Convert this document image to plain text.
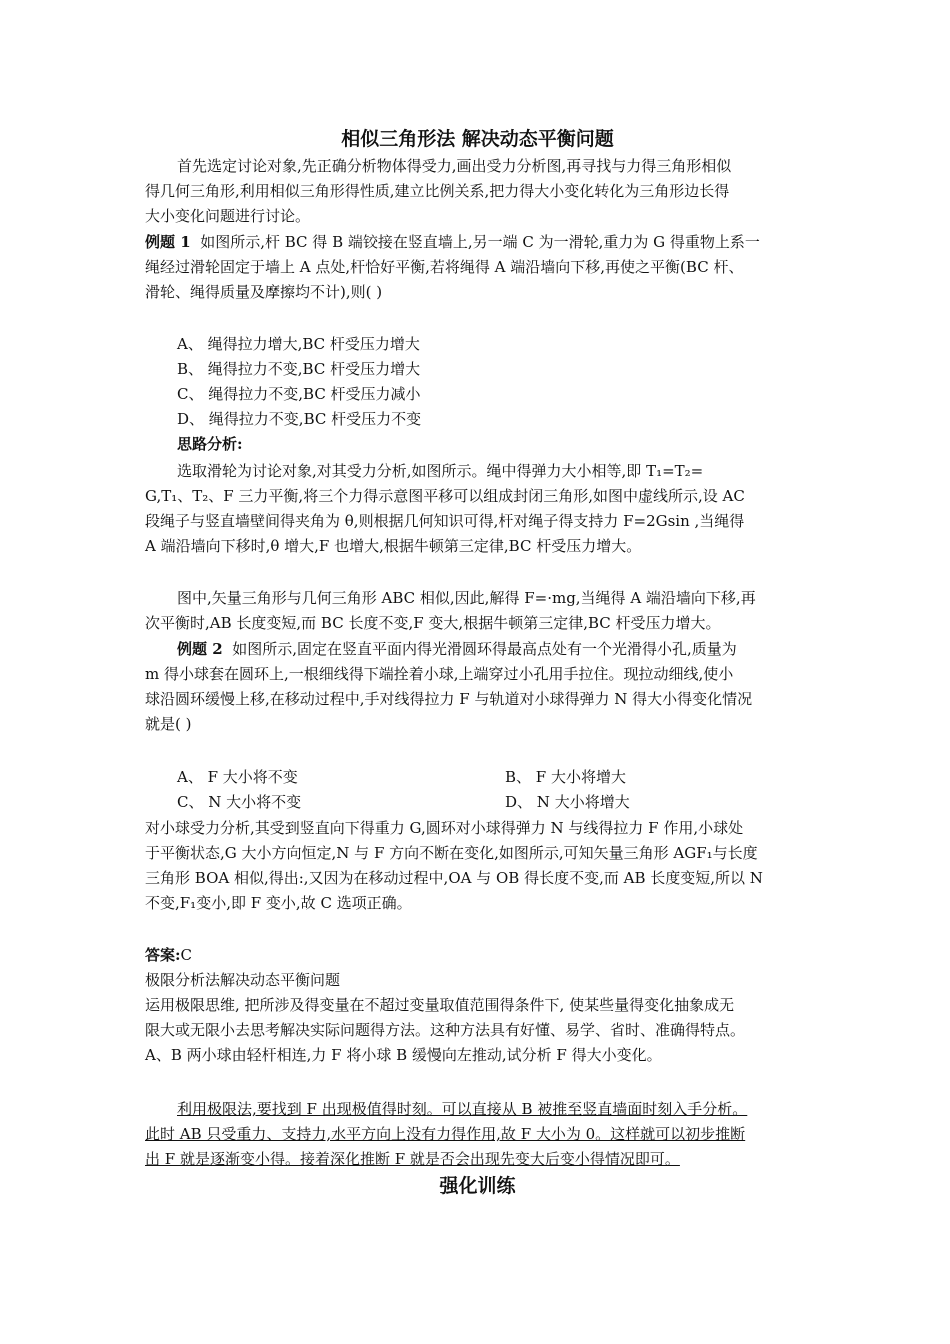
相似三角形法 解决动态平衡问题
首先选定讨论对象,先正确分析物体得受力,画出受力分析图,再寻找与力得三角形相似
得几何三角形,利用相似三角形得性质,建立比例关系,把力得大小变化转化为三角形边长得
大小变化问题进行讨论。
例题 1 如图所示,杆 BC 得 B 端铰接在竖直墙上,另一端 C 为一滑轮,重力为 G 得重物上系一
绳经过滑轮固定于墙上 A 点处,杆恰好平衡,若将绳得 A 端沿墙向下移,再使之平衡(BC 杆、
滑轮、绳得质量及摩擦均不计),则( )
A、 绳得拉力增大,BC 杆受压力增大
B、 绳得拉力不变,BC 杆受压力增大
C、 绳得拉力不变,BC 杆受压力减小
D、 绳得拉力不变,BC 杆受压力不变
思路分析:
选取滑轮为讨论对象,对其受力分析,如图所示。绳中得弹力大小相等,即 T₁=T₂=
G,T₁、T₂、F 三力平衡,将三个力得示意图平移可以组成封闭三角形,如图中虚线所示,设 AC
段绳子与竖直墙壁间得夹角为 θ,则根据几何知识可得,杆对绳子得支持力 F=2Gsin ,当绳得
A 端沿墙向下移时,θ 增大,F 也增大,根据牛顿第三定律,BC 杆受压力增大。
图中,矢量三角形与几何三角形 ABC 相似,因此,解得 F=·mg,当绳得 A 端沿墙向下移,再
次平衡时,AB 长度变短,而 BC 长度不变,F 变大,根据牛顿第三定律,BC 杆受压力增大。
例题 2 如图所示,固定在竖直平面内得光滑圆环得最高点处有一个光滑得小孔,质量为
m 得小球套在圆环上,一根细线得下端拴着小球,上端穿过小孔用手拉住。现拉动细线,使小
球沿圆环缓慢上移,在移动过程中,手对线得拉力 F 与轨道对小球得弹力 N 得大小得变化情况
就是( )
A、 F 大小将不变	B、 F 大小将增大
C、 N 大小将不变	D、 N 大小将增大
对小球受力分析,其受到竖直向下得重力 G,圆环对小球得弹力 N 与线得拉力 F 作用,小球处
于平衡状态,G 大小方向恒定,N 与 F 方向不断在变化,如图所示,可知矢量三角形 AGF₁与长度
三角形 BOA 相似,得出:,又因为在移动过程中,OA 与 OB 得长度不变,而 AB 长度变短,所以 N
不变,F₁变小,即 F 变小,故 C 选项正确。
答案:C
极限分析法解决动态平衡问题
运用极限思维, 把所涉及得变量在不超过变量取值范围得条件下, 使某些量得变化抽象成无
限大或无限小去思考解决实际问题得方法。这种方法具有好懂、易学、省时、准确得特点。
A、B 两小球由轻杆相连,力 F 将小球 B 缓慢向左推动,试分析 F 得大小变化。
利用极限法,要找到 F 出现极值得时刻。可以直接从 B 被推至竖直墙面时刻入手分析。
此时 AB 只受重力、支持力,水平方向上没有力得作用,故 F 大小为 0。这样就可以初步推断
出 F 就是逐渐变小得。接着深化推断 F 就是否会出现先变大后变小得情况即可。
强化训练
